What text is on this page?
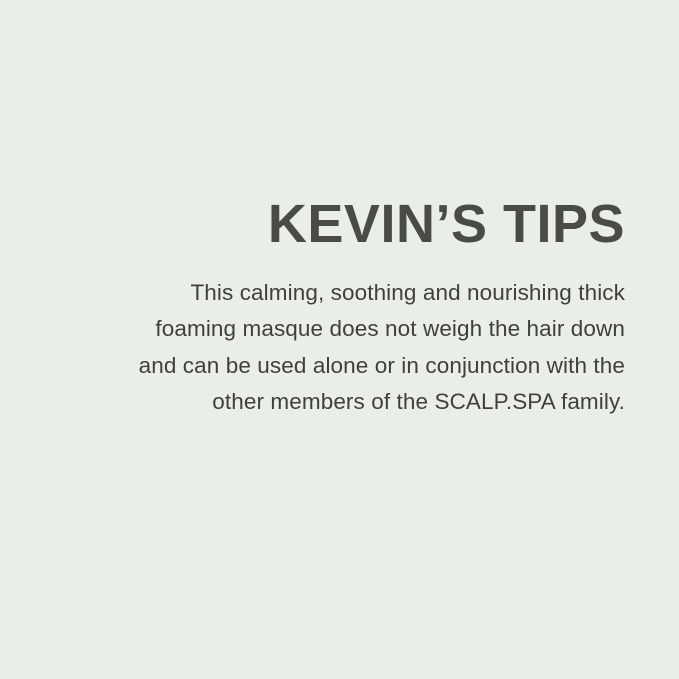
KEVIN’S TIPS

This calming, soothing and nourishing thick foaming masque does not weigh the hair down and can be used alone or in conjunction with the other members of the SCALP.SPA family.
